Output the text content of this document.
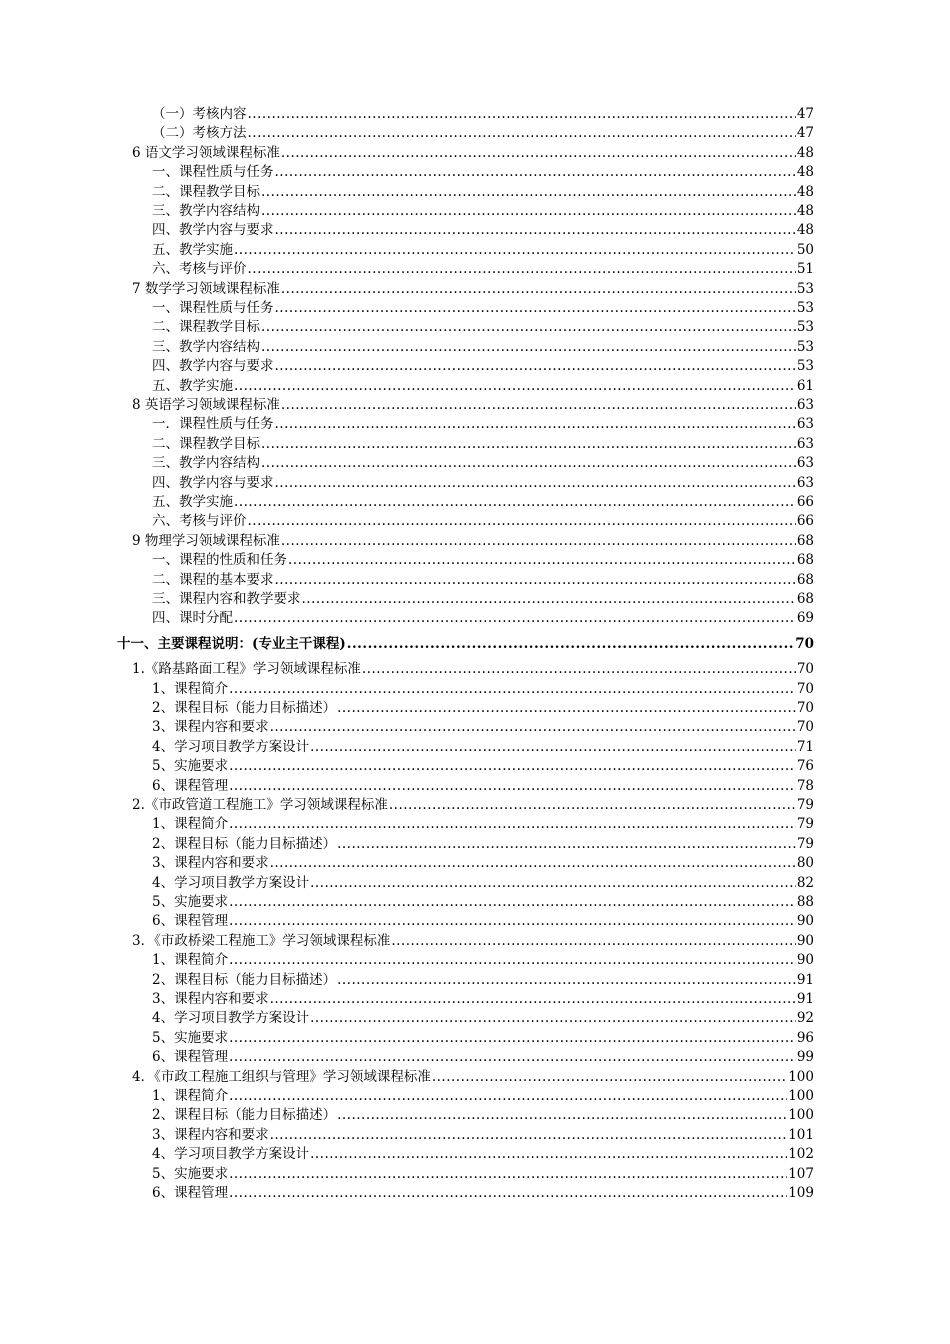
（一）考核内容 .....	47
（二）考核方法 .....	47
6 语文学习领域课程标准 .....	48
一、课程性质与任务 .....	48
二、课程教学目标 .....	48
三、教学内容结构 .....	48
四、教学内容与要求 .....	48
五、教学实施 .....	50
六、考核与评价 .....	51
7 数学学习领域课程标准 .....	53
一、课程性质与任务 .....	53
二、课程教学目标 .....	53
三、教学内容结构 .....	53
四、教学内容与要求 .....	53
五、教学实施 .....	61
8 英语学习领域课程标准 .....	63
一．课程性质与任务 .....	63
二、课程教学目标 .....	63
三、教学内容结构 .....	63
四、教学内容与要求 .....	63
五、教学实施 .....	66
六、考核与评价 .....	66
9 物理学习领域课程标准 .....	68
一、课程的性质和任务 .....	68
二、课程的基本要求 .....	68
三、课程内容和教学要求 .....	68
四、课时分配 .....	69
十一、主要课程说明：(专业主干课程) .....	70
1.《路基路面工程》学习领域课程标准 .....	70
1、课程简介 .....	70
2、课程目标（能力目标描述） .....	70
3、课程内容和要求 .....	70
4、学习项目教学方案设计 .....	71
5、实施要求 .....	76
6、课程管理 .....	78
2.《市政管道工程施工》学习领域课程标准 .....	79
1、课程简介 .....	79
2、课程目标（能力目标描述） .....	79
3、课程内容和要求 .....	80
4、学习项目教学方案设计 .....	82
5、实施要求 .....	88
6、课程管理 .....	90
3．《市政桥梁工程施工》学习领域课程标准 .....	90
1、课程简介 .....	90
2、课程目标（能力目标描述） .....	91
3、课程内容和要求 .....	91
4、学习项目教学方案设计 .....	92
5、实施要求 .....	96
6、课程管理 .....	99
4．《市政工程施工组织与管理》学习领域课程标准 .....	100
1、课程简介 .....	100
2、课程目标（能力目标描述） .....	100
3、课程内容和要求 .....	101
4、学习项目教学方案设计 .....	102
5、实施要求 .....	107
6、课程管理 .....	109
